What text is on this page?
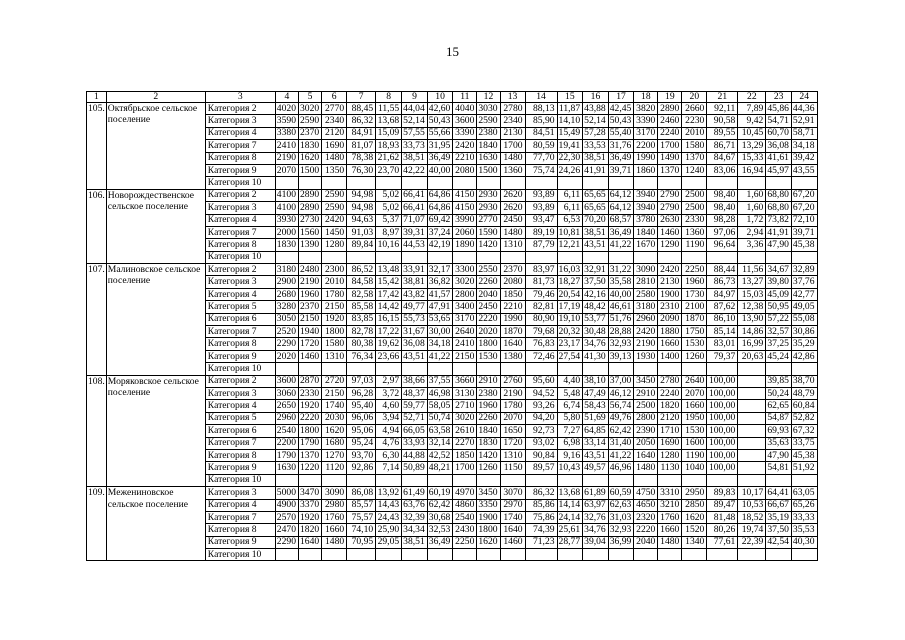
15
1	2	3	4	5	6	7	8	9	10	11	12	13	14	15	16	17	18	19	20	21	22	23	24
105.	Октябрьское сельское поселение	Категория 2	4020	3020	2770	88,45	11,55	44,04	42,60	4040	3030	2780	88,13	11,87	43,88	42,45	3820	2890	2660	92,11	7,89	45,86	44,36
		Категория 3	3590	2590	2340	86,32	13,68	52,14	50,43	3600	2590	2340	85,90	14,10	52,14	50,43	3390	2460	2230	90,58	9,42	54,71	52,91
		Категория 4	3380	2370	2120	84,91	15,09	57,55	55,66	3390	2380	2130	84,51	15,49	57,28	55,40	3170	2240	2010	89,55	10,45	60,70	58,71
		Категория 7	2410	1830	1690	81,07	18,93	33,73	31,95	2420	1840	1700	80,59	19,41	33,53	31,76	2200	1700	1580	86,71	13,29	36,08	34,18
		Категория 8	2190	1620	1480	78,38	21,62	38,51	36,49	2210	1630	1480	77,70	22,30	38,51	36,49	1990	1490	1370	84,67	15,33	41,61	39,42
		Категория 9	2070	1500	1350	76,30	23,70	42,22	40,00	2080	1500	1360	75,74	24,26	41,91	39,71	1860	1370	1240	83,06	16,94	45,97	43,55
		Категория 10																					
106.	Новорождественское сельское поселение	Категория 2	4100	2890	2590	94,98	5,02	66,41	64,86	4150	2930	2620	93,89	6,11	65,65	64,12	3940	2790	2500	98,40	1,60	68,80	67,20
		Категория 3	4100	2890	2590	94,98	5,02	66,41	64,86	4150	2930	2620	93,89	6,11	65,65	64,12	3940	2790	2500	98,40	1,60	68,80	67,20
		Категория 4	3930	2730	2420	94,63	5,37	71,07	69,42	3990	2770	2450	93,47	6,53	70,20	68,57	3780	2630	2330	98,28	1,72	73,82	72,10
		Категория 7	2000	1560	1450	91,03	8,97	39,31	37,24	2060	1590	1480	89,19	10,81	38,51	36,49	1840	1460	1360	97,06	2,94	41,91	39,71
		Категория 8	1830	1390	1280	89,84	10,16	44,53	42,19	1890	1420	1310	87,79	12,21	43,51	41,22	1670	1290	1190	96,64	3,36	47,90	45,38
		Категория 10																					
107.	Малиновское сельское поселение	Категория 2	3180	2480	2300	86,52	13,48	33,91	32,17	3300	2550	2370	83,97	16,03	32,91	31,22	3090	2420	2250	88,44	11,56	34,67	32,89
		Категория 3	2900	2190	2010	84,58	15,42	38,81	36,82	3020	2260	2080	81,73	18,27	37,50	35,58	2810	2130	1960	86,73	13,27	39,80	37,76
		Категория 4	2680	1960	1780	82,58	17,42	43,82	41,57	2800	2040	1850	79,46	20,54	42,16	40,00	2580	1900	1730	84,97	15,03	45,09	42,77
		Категория 5	3280	2370	2150	85,58	14,42	49,77	47,91	3400	2450	2210	82,81	17,19	48,42	46,61	3180	2310	2100	87,62	12,38	50,95	49,05
		Категория 6	3050	2150	1920	83,85	16,15	55,73	53,65	3170	2220	1990	80,90	19,10	53,77	51,76	2960	2090	1870	86,10	13,90	57,22	55,08
		Категория 7	2520	1940	1800	82,78	17,22	31,67	30,00	2640	2020	1870	79,68	20,32	30,48	28,88	2420	1880	1750	85,14	14,86	32,57	30,86
		Категория 8	2290	1720	1580	80,38	19,62	36,08	34,18	2410	1800	1640	76,83	23,17	34,76	32,93	2190	1660	1530	83,01	16,99	37,25	35,29
		Категория 9	2020	1460	1310	76,34	23,66	43,51	41,22	2150	1530	1380	72,46	27,54	41,30	39,13	1930	1400	1260	79,37	20,63	45,24	42,86
		Категория 10																					
108.	Моряковское сельское поселение	Категория 2	3600	2870	2720	97,03	2,97	38,66	37,55	3660	2910	2760	95,60	4,40	38,10	37,00	3450	2780	2640	100,00		39,85	38,70
		Категория 3	3060	2330	2150	96,28	3,72	48,37	46,98	3130	2380	2190	94,52	5,48	47,49	46,12	2910	2240	2070	100,00		50,24	48,79
		Категория 4	2650	1920	1740	95,40	4,60	59,77	58,05	2710	1960	1780	93,26	6,74	58,43	56,74	2500	1820	1660	100,00		62,65	60,84
		Категория 5	2960	2220	2030	96,06	3,94	52,71	50,74	3020	2260	2070	94,20	5,80	51,69	49,76	2800	2120	1950	100,00		54,87	52,82
		Категория 6	2540	1800	1620	95,06	4,94	66,05	63,58	2610	1840	1650	92,73	7,27	64,85	62,42	2390	1710	1530	100,00		69,93	67,32
		Категория 7	2200	1790	1680	95,24	4,76	33,93	32,14	2270	1830	1720	93,02	6,98	33,14	31,40	2050	1690	1600	100,00		35,63	33,75
		Категория 8	1790	1370	1270	93,70	6,30	44,88	42,52	1850	1420	1310	90,84	9,16	43,51	41,22	1640	1280	1190	100,00		47,90	45,38
		Категория 9	1630	1220	1120	92,86	7,14	50,89	48,21	1700	1260	1150	89,57	10,43	49,57	46,96	1480	1130	1040	100,00		54,81	51,92
		Категория 10																					
109.	Межениновское сельское поселение	Категория 3	5000	3470	3090	86,08	13,92	61,49	60,19	4970	3450	3070	86,32	13,68	61,89	60,59	4750	3310	2950	89,83	10,17	64,41	63,05
		Категория 4	4900	3370	2980	85,57	14,43	63,76	62,42	4860	3350	2970	85,86	14,14	63,97	62,63	4650	3210	2850	89,47	10,53	66,67	65,26
		Категория 7	2570	1920	1760	75,57	24,43	32,39	30,68	2540	1900	1740	75,86	24,14	32,76	31,03	2320	1760	1620	81,48	18,52	35,19	33,33
		Категория 8	2470	1820	1660	74,10	25,90	34,34	32,53	2430	1800	1640	74,39	25,61	34,76	32,93	2220	1660	1520	80,26	19,74	37,50	35,53
		Категория 9	2290	1640	1480	70,95	29,05	38,51	36,49	2250	1620	1460	71,23	28,77	39,04	36,99	2040	1480	1340	77,61	22,39	42,54	40,30
		Категория 10																					
